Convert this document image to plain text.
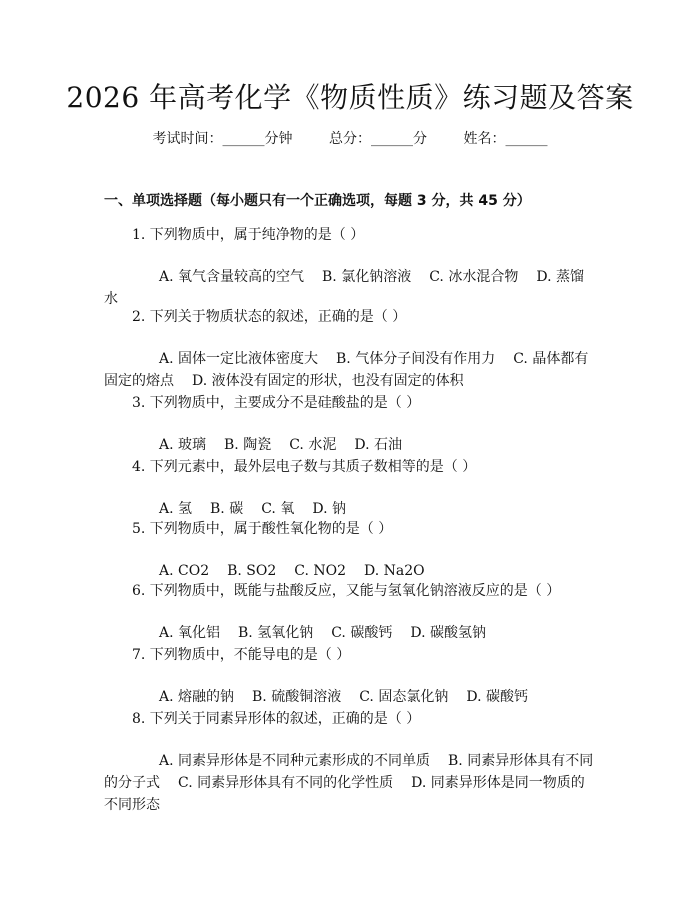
2026 年高考化学《物质性质》练习题及答案
考试时间：______分钟	总分：______分	姓名：______
一、单项选择题（每小题只有一个正确选项，每题 3 分，共 45 分）
1. 下列物质中，属于纯净物的是（ ）
A. 氧气含量较高的空气 B. 氯化钠溶液 C. 冰水混合物 D. 蒸馏水
2. 下列关于物质状态的叙述，正确的是（ ）
A. 固体一定比液体密度大 B. 气体分子间没有作用力 C. 晶体都有固定的熔点 D. 液体没有固定的形状，也没有固定的体积
3. 下列物质中，主要成分不是硅酸盐的是（ ）
A. 玻璃 B. 陶瓷 C. 水泥 D. 石油
4. 下列元素中，最外层电子数与其质子数相等的是（ ）
A. 氢 B. 碳 C. 氧 D. 钠
5. 下列物质中，属于酸性氧化物的是（ ）
A. CO2 B. SO2 C. NO2 D. Na2O
6. 下列物质中，既能与盐酸反应，又能与氢氧化钠溶液反应的是（ ）
A. 氧化铝 B. 氢氧化钠 C. 碳酸钙 D. 碳酸氢钠
7. 下列物质中，不能导电的是（ ）
A. 熔融的钠 B. 硫酸铜溶液 C. 固态氯化钠 D. 碳酸钙
8. 下列关于同素异形体的叙述，正确的是（ ）
A. 同素异形体是不同种元素形成的不同单质 B. 同素异形体具有不同的分子式 C. 同素异形体具有不同的化学性质 D. 同素异形体是同一物质的不同形态
